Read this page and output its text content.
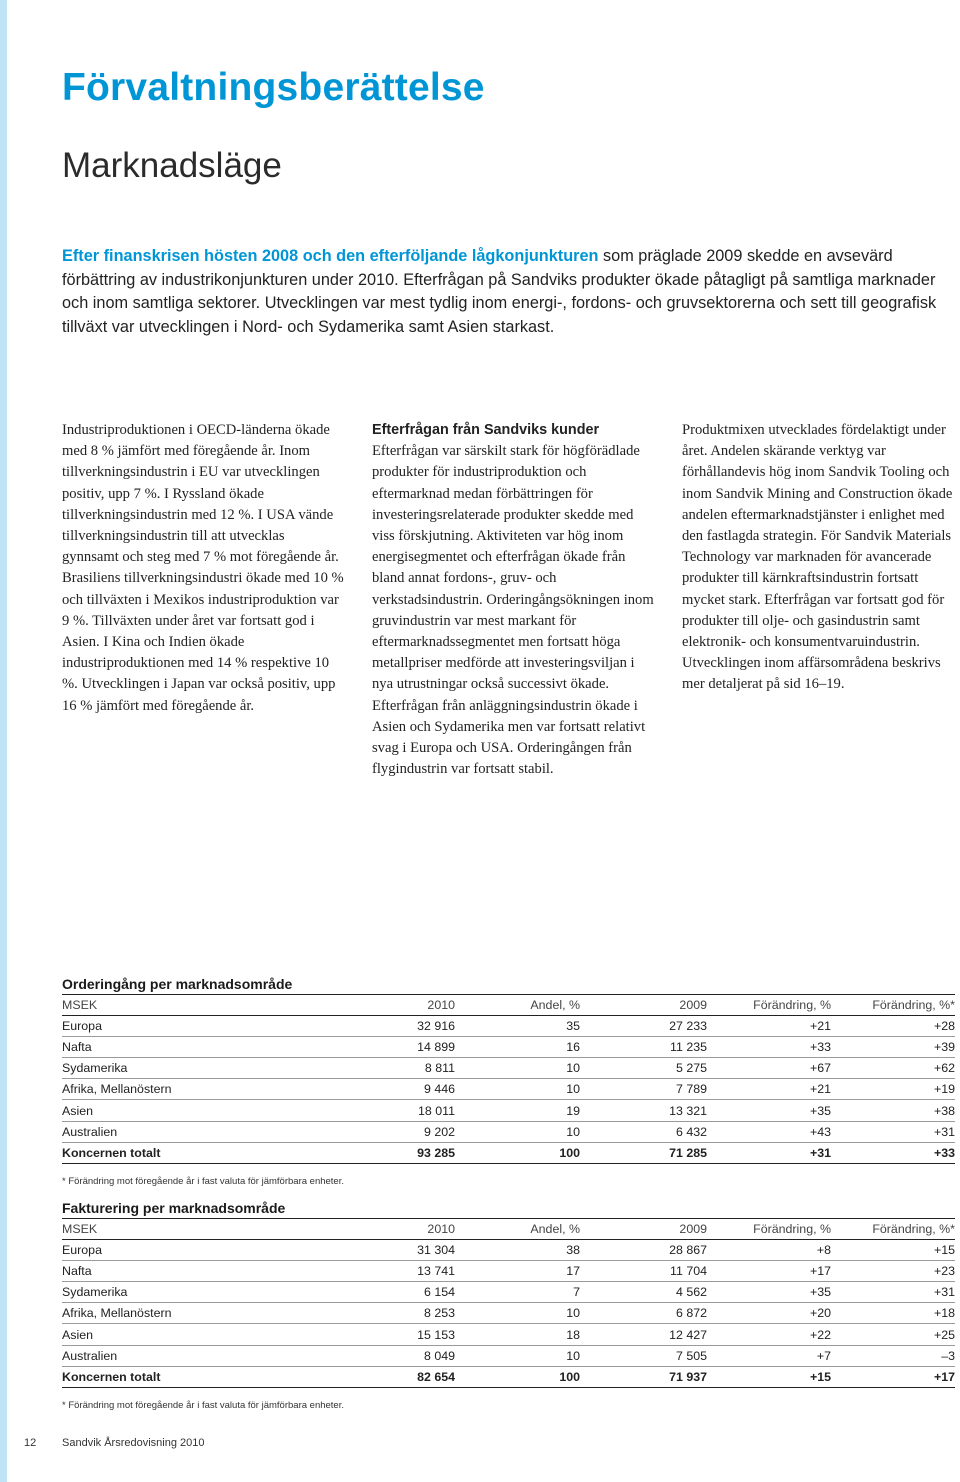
Förvaltningsberättelse
Marknadsläge

Efter finanskrisen hösten 2008 och den efterföljande lågkonjunkturen som präglade 2009 skedde en avsevärd förbättring av industrikonjunkturen under 2010. Efterfrågan på Sandviks produkter ökade påtagligt på samtliga marknader och inom samtliga sektorer. Utvecklingen var mest tydlig inom energi-, fordons- och gruvsektorerna och sett till geografisk tillväxt var utvecklingen i Nord- och Sydamerika samt Asien starkast.

Industriproduktionen i OECD-länderna ökade med 8 % jämfört med föregående år. Inom tillverkningsindustrin i EU var utvecklingen positiv, upp 7 %. I Ryssland ökade tillverkningsindustrin med 12 %. I USA vände tillverkningsindustrin till att utvecklas gynnsamt och steg med 7 % mot föregående år. Brasiliens tillverkningsindustri ökade med 10 % och tillväxten i Mexikos industriproduktion var 9 %. Tillväxten under året var fortsatt god i Asien. I Kina och Indien ökade industriproduktionen med 14 % respektive 10 %. Utvecklingen i Japan var också positiv, upp 16 % jämfört med föregående år.

Efterfrågan från Sandviks kunder

Efterfrågan var särskilt stark för högförädlade produkter för industriproduktion och eftermarknad medan förbättringen för investeringsrelaterade produkter skedde med viss förskjutning. Aktiviteten var hög inom energisegmentet och efterfrågan ökade från bland annat fordons-, gruv- och verkstadsindustrin. Orderingångsökningen inom gruvindustrin var mest markant för eftermarknadssegmentet men fortsatt höga metallpriser medförde att investeringsviljan i nya utrustningar också successivt ökade. Efterfrågan från anläggningsindustrin ökade i Asien och Sydamerika men var fortsatt relativt svag i Europa och USA. Orderingången från flygindustrin var fortsatt stabil.

Produktmixen utvecklades fördelaktigt under året. Andelen skärande verktyg var förhållandevis hög inom Sandvik Tooling och inom Sandvik Mining and Construction ökade andelen eftermarknadstjänster i enlighet med den fastlagda strategin. För Sandvik Materials Technology var marknaden för avancerade produkter till kärnkraftsindustrin fortsatt mycket stark. Efterfrågan var fortsatt god för produkter till olje- och gasindustrin samt elektronik- och konsumentvaruindustrin. Utvecklingen inom affärsområdena beskrivs mer detaljerat på sid 16–19.

Orderingång per marknadsområde

MSEK	2010	Andel, %	2009	Förändring, %	Förändring, %*
Europa	32 916	35	27 233	+21	+28
Nafta	14 899	16	11 235	+33	+39
Sydamerika	8 811	10	5 275	+67	+62
Afrika, Mellanöstern	9 446	10	7 789	+21	+19
Asien	18 011	19	13 321	+35	+38
Australien	9 202	10	6 432	+43	+31
Koncernen totalt	93 285	100	71 285	+31	+33
* Förändring mot föregående år i fast valuta för jämförbara enheter.

Fakturering per marknadsområde

MSEK	2010	Andel, %	2009	Förändring, %	Förändring, %*
Europa	31 304	38	28 867	+8	+15
Nafta	13 741	17	11 704	+17	+23
Sydamerika	6 154	7	4 562	+35	+31
Afrika, Mellanöstern	8 253	10	6 872	+20	+18
Asien	15 153	18	12 427	+22	+25
Australien	8 049	10	7 505	+7	–3
Koncernen totalt	82 654	100	71 937	+15	+17
* Förändring mot föregående år i fast valuta för jämförbara enheter.
12 Sandvik Årsredovisning 2010
